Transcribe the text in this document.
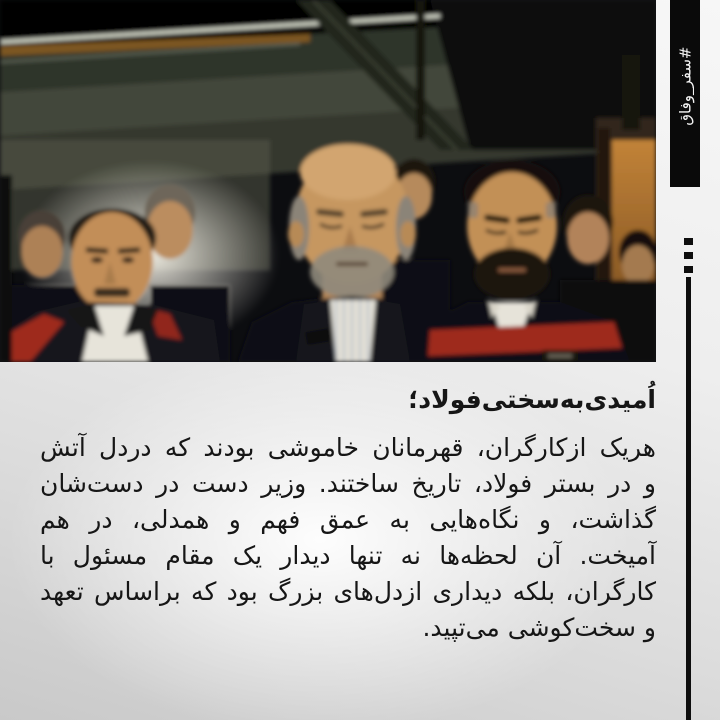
#سفر_وفاق
اُمیدی‌به‌سختی‌فولاد؛
هریک ازکارگران، قهرمانان خاموشی بودند که دردل آتش
و در بستر فولاد، تاریخ ساختند. وزیر دست در دست‌شان
گذاشت، و نگاه‌هایی به عمق فهم و همدلی، در هم
آمیخت. آن لحظه‌ها نه تنها دیدار یک مقام مسئول با
کارگران، بلکه دیداری ازدل‌های بزرگ بود که براساس تعهد
و سخت‌کوشی می‌تپید.
